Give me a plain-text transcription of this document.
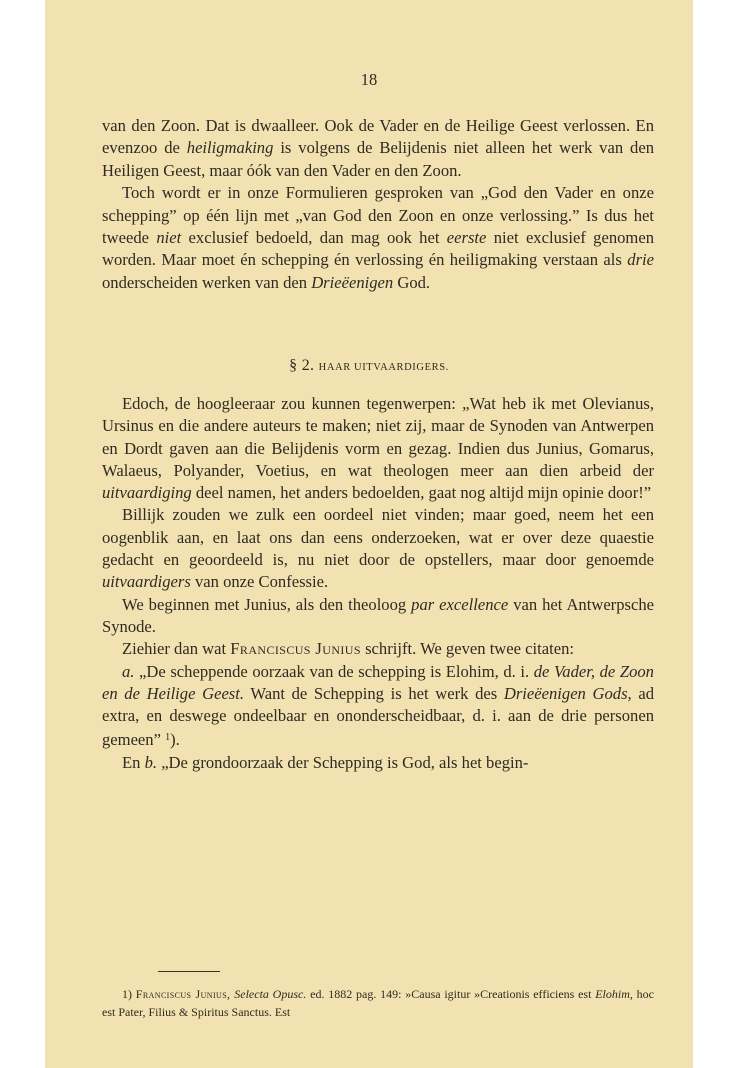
18

van den Zoon. Dat is dwaalleer. Ook de Vader en de Heilige Geest verlossen. En evenzoo de heiligmaking is volgens de Belijdenis niet alleen het werk van den Heiligen Geest, maar óók van den Vader en den Zoon.

Toch wordt er in onze Formulieren gesproken van „God den Vader en onze schepping” op één lijn met „van God den Zoon en onze verlossing.” Is dus het tweede niet exclusief bedoeld, dan mag ook het eerste niet exclusief genomen worden. Maar moet én schepping én verlossing én heiligmaking verstaan als drie onderscheiden werken van den Drieëenigen God.

§ 2. HAAR UITVAARDIGERS.

Edoch, de hoogleeraar zou kunnen tegenwerpen: „Wat heb ik met Olevianus, Ursinus en die andere auteurs te maken; niet zij, maar de Synoden van Antwerpen en Dordt gaven aan die Belijdenis vorm en gezag. Indien dus Junius, Gomarus, Walaeus, Polyander, Voetius, en wat theologen meer aan dien arbeid der uitvaardiging deel namen, het anders bedoelden, gaat nog altijd mijn opinie door!”

Billijk zouden we zulk een oordeel niet vinden; maar goed, neem het een oogenblik aan, en laat ons dan eens onderzoeken, wat er over deze quaestie gedacht en geoordeeld is, nu niet door de opstellers, maar door genoemde uitvaardigers van onze Confessie.

We beginnen met Junius, als den theoloog par excellence van het Antwerpsche Synode.

Ziehier dan wat Franciscus Junius schrijft. We geven twee citaten:

a. „De scheppende oorzaak van de schepping is Elohim, d. i. de Vader, de Zoon en de Heilige Geest. Want de Schepping is het werk des Drieëenigen Gods, ad extra, en deswege ondeelbaar en ononderscheidbaar, d. i. aan de drie personen gemeen” $^1$).

En b. „De grondoorzaak der Schepping is God, als het begin-

1) Franciscus Junius, Selecta Opusc. ed. 1882 pag. 149: »Causa igitur »Creationis efficiens est Elohim, hoc est Pater, Filius & Spiritus Sanctus. Est
